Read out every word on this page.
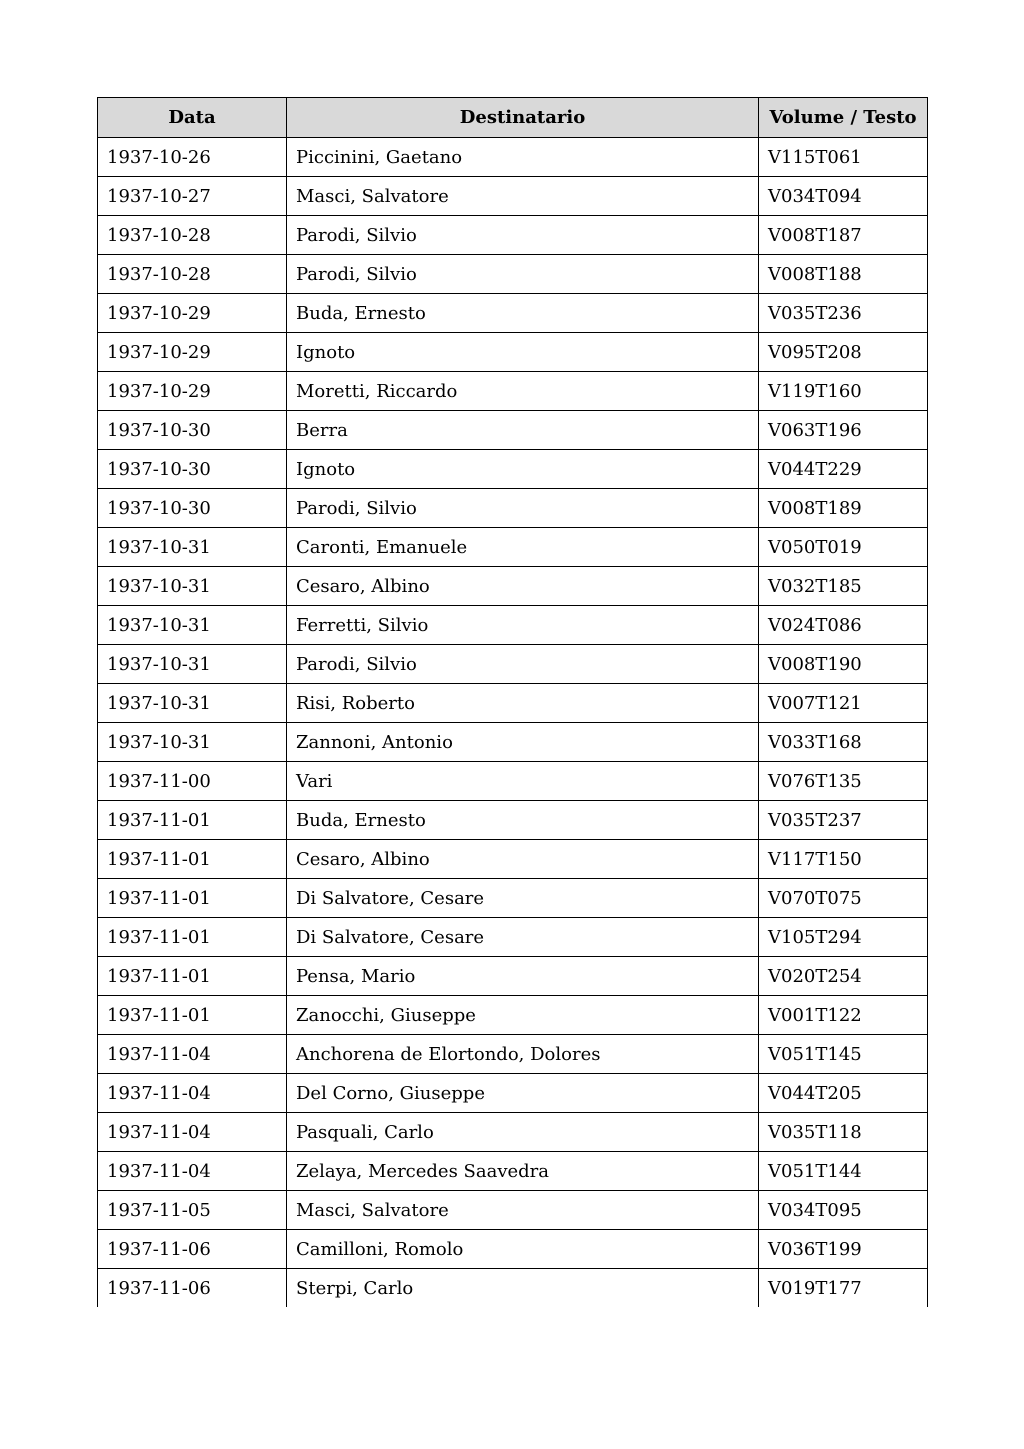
Data	Destinatario	Volume / Testo
1937-10-26	Piccinini, Gaetano	V115T061
1937-10-27	Masci, Salvatore	V034T094
1937-10-28	Parodi, Silvio	V008T187
1937-10-28	Parodi, Silvio	V008T188
1937-10-29	Buda, Ernesto	V035T236
1937-10-29	Ignoto	V095T208
1937-10-29	Moretti, Riccardo	V119T160
1937-10-30	Berra	V063T196
1937-10-30	Ignoto	V044T229
1937-10-30	Parodi, Silvio	V008T189
1937-10-31	Caronti, Emanuele	V050T019
1937-10-31	Cesaro, Albino	V032T185
1937-10-31	Ferretti, Silvio	V024T086
1937-10-31	Parodi, Silvio	V008T190
1937-10-31	Risi, Roberto	V007T121
1937-10-31	Zannoni, Antonio	V033T168
1937-11-00	Vari	V076T135
1937-11-01	Buda, Ernesto	V035T237
1937-11-01	Cesaro, Albino	V117T150
1937-11-01	Di Salvatore, Cesare	V070T075
1937-11-01	Di Salvatore, Cesare	V105T294
1937-11-01	Pensa, Mario	V020T254
1937-11-01	Zanocchi, Giuseppe	V001T122
1937-11-04	Anchorena de Elortondo, Dolores	V051T145
1937-11-04	Del Corno, Giuseppe	V044T205
1937-11-04	Pasquali, Carlo	V035T118
1937-11-04	Zelaya, Mercedes Saavedra	V051T144
1937-11-05	Masci, Salvatore	V034T095
1937-11-06	Camilloni, Romolo	V036T199
1937-11-06	Sterpi, Carlo	V019T177
